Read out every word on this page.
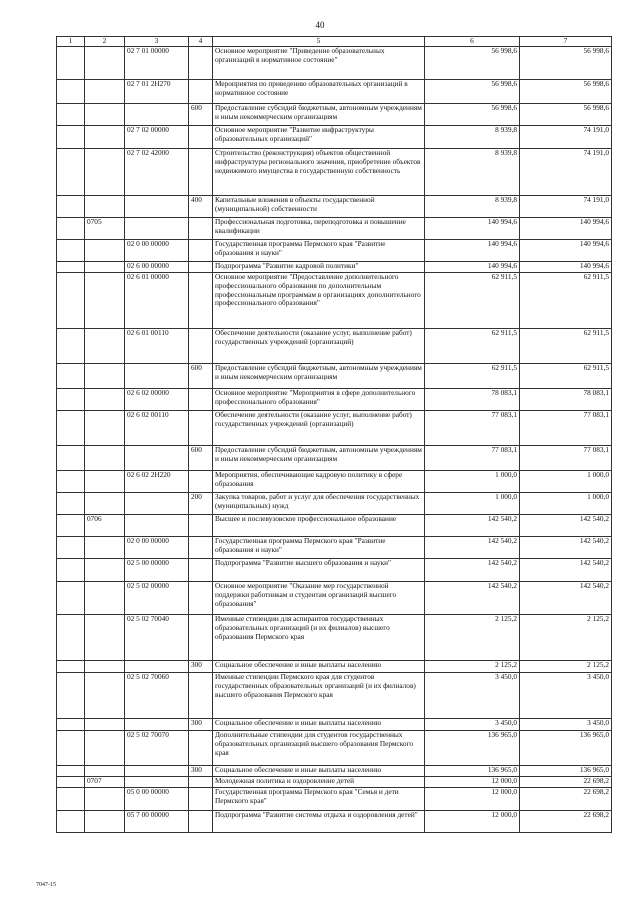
40
1	2	3	4	5	6	7
		02 7 01 00000		Основное мероприятие "Приведение образовательных организаций в нормативное состояние"	56 998,6	56 998,6
		02 7 01 2Н270		Мероприятия по приведению образовательных организаций в нормативное состояние	56 998,6	56 998,6
			600	Предоставление субсидий бюджетным, автономным учреждениям и иным некоммерческим организациям	56 998,6	56 998,6
		02 7 02 00000		Основное мероприятие "Развитие инфраструктуры образовательных организаций"	8 939,8	74 191,0
		02 7 02 42000		Строительство (реконструкция) объектов общественной инфраструктуры регионального значения, приобретение объектов недвижимого имущества в государственную собственность	8 939,8	74 191,0
			400	Капитальные вложения в объекты государственной (муниципальной) собственности	8 939,8	74 191,0
	0705			Профессиональная подготовка, переподготовка и повышение квалификации	140 994,6	140 994,6
		02 0 00 00000		Государственная программа Пермского края "Развитие образования и науки"	140 994,6	140 994,6
		02 6 00 00000		Подпрограмма "Развитие кадровой политики"	140 994,6	140 994,6
		02 6 01 00000		Основное мероприятие "Предоставление дополнительного профессионального образования по дополнительным профессиональным программам в организациях дополнительного профессионального образования"	62 911,5	62 911,5
		02 6 01 00110		Обеспечение деятельности (оказание услуг, выполнение работ) государственных учреждений (организаций)	62 911,5	62 911,5
			600	Предоставление субсидий бюджетным, автономным учреждениям и иным некоммерческим организациям	62 911,5	62 911,5
		02 6 02 00000		Основное мероприятие "Мероприятия в сфере дополнительного профессионального образования"	78 083,1	78 083,1
		02 6 02 00110		Обеспечение деятельности (оказание услуг, выполнение работ) государственных учреждений (организаций)	77 083,1	77 083,1
			600	Предоставление субсидий бюджетным, автономным учреждениям и иным некоммерческим организациям	77 083,1	77 083,1
		02 6 02 2Н220		Мероприятия, обеспечивающие кадровую политику в сфере образования	1 000,0	1 000,0
			200	Закупка товаров, работ и услуг для обеспечения государственных (муниципальных) нужд	1 000,0	1 000,0
	0706			Высшее и послевузовское профессиональное образование	142 540,2	142 540,2
		02 0 00 00000		Государственная программа Пермского края "Развитие образования и науки"	142 540,2	142 540,2
		02 5 00 00000		Подпрограмма "Развитие высшего образования и науки"	142 540,2	142 540,2
		02 5 02 00000		Основное мероприятие "Оказание мер государственной поддержки работникам и студентам организаций высшего образования"	142 540,2	142 540,2
		02 5 02 70040		Именные стипендии для аспирантов государственных образовательных организаций (и их филиалов) высшего образования Пермского края	2 125,2	2 125,2
			300	Социальное обеспечение и иные выплаты населению	2 125,2	2 125,2
		02 5 02 70060		Именные стипендии Пермского края для студентов государственных образовательных организаций (и их филиалов) высшего образования Пермского края	3 450,0	3 450,0
			300	Социальное обеспечение и иные выплаты населению	3 450,0	3 450,0
		02 5 02 70070		Дополнительные стипендии для студентов государственных образовательных организаций высшего образования Пермского края	136 965,0	136 965,0
			300	Социальное обеспечение и иные выплаты населению	136 965,0	136 965,0
	0707			Молодежная политика и оздоровление детей	12 000,0	22 698,2
		05 0 00 00000		Государственная программа Пермского края "Семья и дети Пермского края"	12 000,0	22 698,2
		05 7 00 00000		Подпрограмма "Развитие системы отдыха и оздоровления детей"	12 000,0	22 698,2
7047-15
